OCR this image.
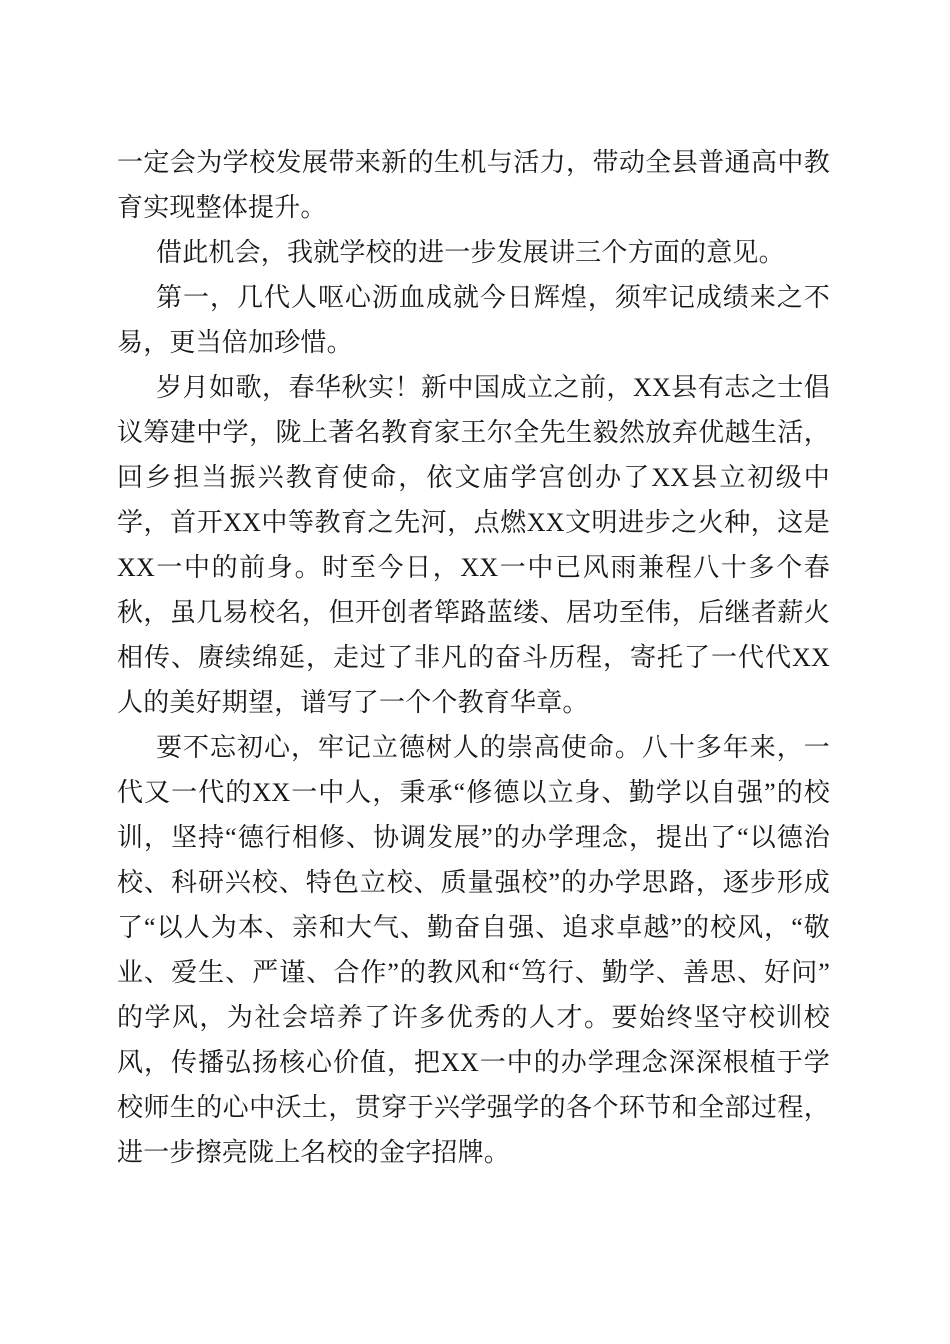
一定会为学校发展带来新的生机与活力，带动全县普通高中教育实现整体提升。

借此机会，我就学校的进一步发展讲三个方面的意见。

第一，几代人呕心沥血成就今日辉煌，须牢记成绩来之不易，更当倍加珍惜。

岁月如歌，春华秋实！新中国成立之前，XX县有志之士倡议筹建中学，陇上著名教育家王尔全先生毅然放弃优越生活，回乡担当振兴教育使命，依文庙学宫创办了XX县立初级中学，首开XX中等教育之先河，点燃XX文明进步之火种，这是XX一中的前身。时至今日，XX一中已风雨兼程八十多个春秋，虽几易校名，但开创者筚路蓝缕、居功至伟，后继者薪火相传、赓续绵延，走过了非凡的奋斗历程，寄托了一代代XX人的美好期望，谱写了一个个教育华章。

要不忘初心，牢记立德树人的崇高使命。八十多年来，一代又一代的XX一中人，秉承“修德以立身、勤学以自强”的校训，坚持“德行相修、协调发展”的办学理念，提出了“以德治校、科研兴校、特色立校、质量强校”的办学思路，逐步形成了“以人为本、亲和大气、勤奋自强、追求卓越”的校风，“敬业、爱生、严谨、合作”的教风和“笃行、勤学、善思、好问”的学风，为社会培养了许多优秀的人才。要始终坚守校训校风，传播弘扬核心价值，把XX一中的办学理念深深根植于学校师生的心中沃土，贯穿于兴学强学的各个环节和全部过程，进一步擦亮陇上名校的金字招牌。
